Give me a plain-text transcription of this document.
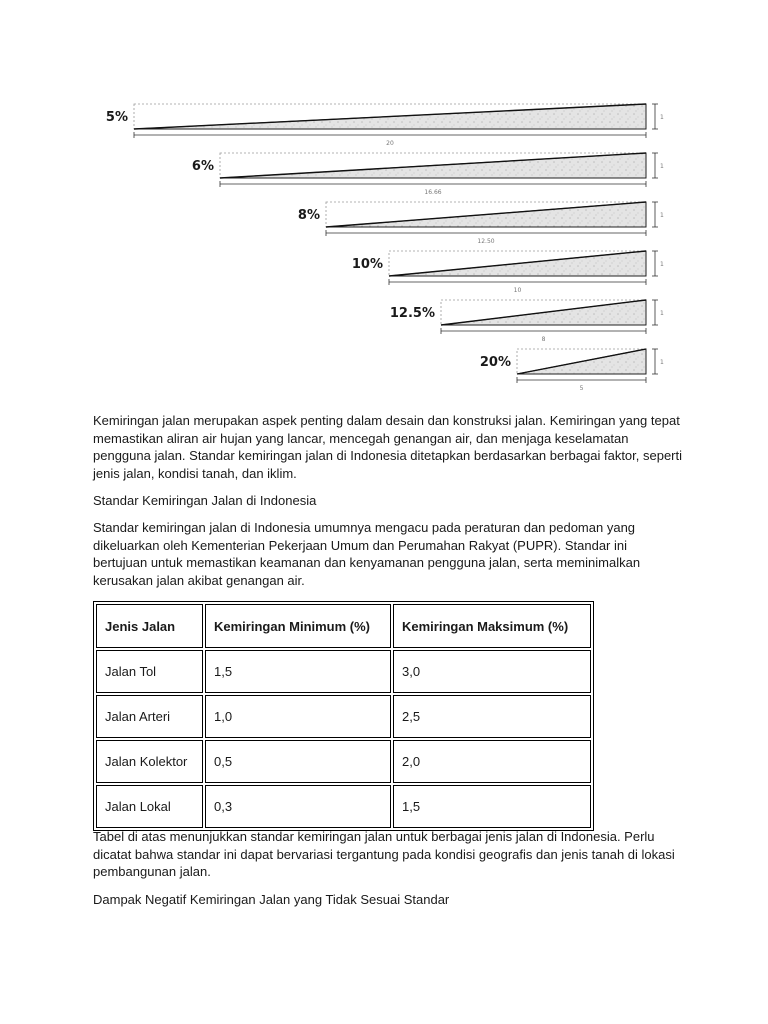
5%
20
1
6%
16.66
1
8%
12.50
1
10%
10
1
12.5%
8
1
20%
5
1

Kemiringan jalan merupakan aspek penting dalam desain dan konstruksi jalan. Kemiringan yang tepat memastikan aliran air hujan yang lancar, mencegah genangan air, dan menjaga keselamatan pengguna jalan. Standar kemiringan jalan di Indonesia ditetapkan berdasarkan berbagai faktor, seperti jenis jalan, kondisi tanah, dan iklim.

Standar Kemiringan Jalan di Indonesia

Standar kemiringan jalan di Indonesia umumnya mengacu pada peraturan dan pedoman yang dikeluarkan oleh Kementerian Pekerjaan Umum dan Perumahan Rakyat (PUPR). Standar ini bertujuan untuk memastikan keamanan dan kenyamanan pengguna jalan, serta meminimalkan kerusakan jalan akibat genangan air.

Jenis Jalan	Kemiringan Minimum (%)	Kemiringan Maksimum (%)
Jalan Tol	1,5	3,0
Jalan Arteri	1,0	2,5
Jalan Kolektor	0,5	2,0
Jalan Lokal	0,3	1,5

Tabel di atas menunjukkan standar kemiringan jalan untuk berbagai jenis jalan di Indonesia. Perlu dicatat bahwa standar ini dapat bervariasi tergantung pada kondisi geografis dan jenis tanah di lokasi pembangunan jalan.

Dampak Negatif Kemiringan Jalan yang Tidak Sesuai Standar
